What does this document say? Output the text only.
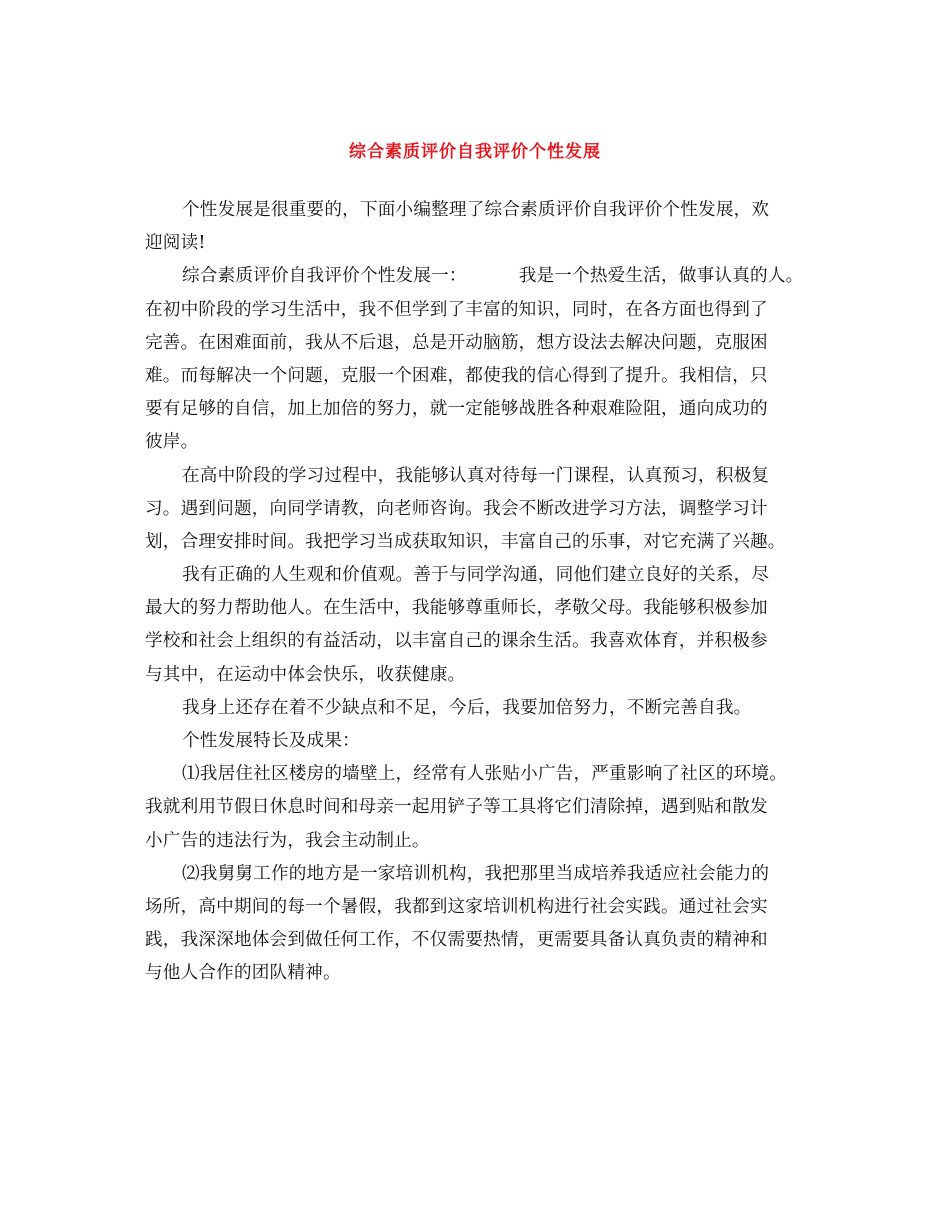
综合素质评价自我评价个性发展
个性发展是很重要的，下面小编整理了综合素质评价自我评价个性发展，欢
迎阅读!
综合素质评价自我评价个性发展一：	我是一个热爱生活，做事认真的人。
在初中阶段的学习生活中，我不但学到了丰富的知识，同时，在各方面也得到了
完善。在困难面前，我从不后退，总是开动脑筋，想方设法去解决问题，克服困
难。而每解决一个问题，克服一个困难，都使我的信心得到了提升。我相信，只
要有足够的自信，加上加倍的努力，就一定能够战胜各种艰难险阻，通向成功的
彼岸。
在高中阶段的学习过程中，我能够认真对待每一门课程，认真预习，积极复
习。遇到问题，向同学请教，向老师咨询。我会不断改进学习方法，调整学习计
划，合理安排时间。我把学习当成获取知识，丰富自己的乐事，对它充满了兴趣。
我有正确的人生观和价值观。善于与同学沟通，同他们建立良好的关系，尽
最大的努力帮助他人。在生活中，我能够尊重师长，孝敬父母。我能够积极参加
学校和社会上组织的有益活动，以丰富自己的课余生活。我喜欢体育，并积极参
与其中，在运动中体会快乐，收获健康。
我身上还存在着不少缺点和不足，今后，我要加倍努力，不断完善自我。
个性发展特长及成果：
⑴我居住社区楼房的墙壁上，经常有人张贴小广告，严重影响了社区的环境。
我就利用节假日休息时间和母亲一起用铲子等工具将它们清除掉，遇到贴和散发
小广告的违法行为，我会主动制止。
⑵我舅舅工作的地方是一家培训机构，我把那里当成培养我适应社会能力的
场所，高中期间的每一个暑假，我都到这家培训机构进行社会实践。通过社会实
践，我深深地体会到做任何工作，不仅需要热情，更需要具备认真负责的精神和
与他人合作的团队精神。
